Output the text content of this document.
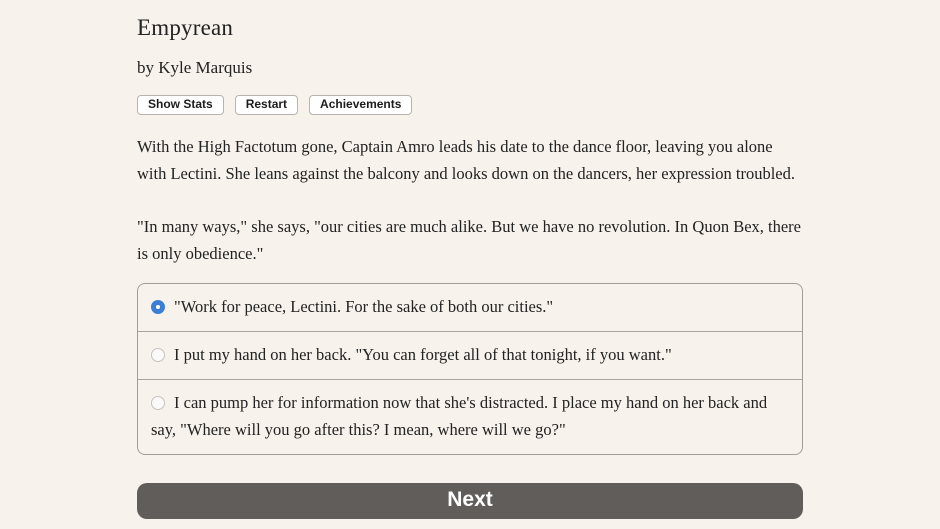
Empyrean
by Kyle Marquis
Show Stats	Restart	Achievements

With the High Factotum gone, Captain Amro leads his date to the dance floor, leaving you alone with Lectini. She leans against the balcony and looks down on the dancers, her expression troubled.

"In many ways," she says, "our cities are much alike. But we have no revolution. In Quon Bex, there is only obedience."

"Work for peace, Lectini. For the sake of both our cities."
I put my hand on her back. "You can forget all of that tonight, if you want."
I can pump her for information now that she's distracted. I place my hand on her back and say, "Where will you go after this? I mean, where will we go?"
Next
